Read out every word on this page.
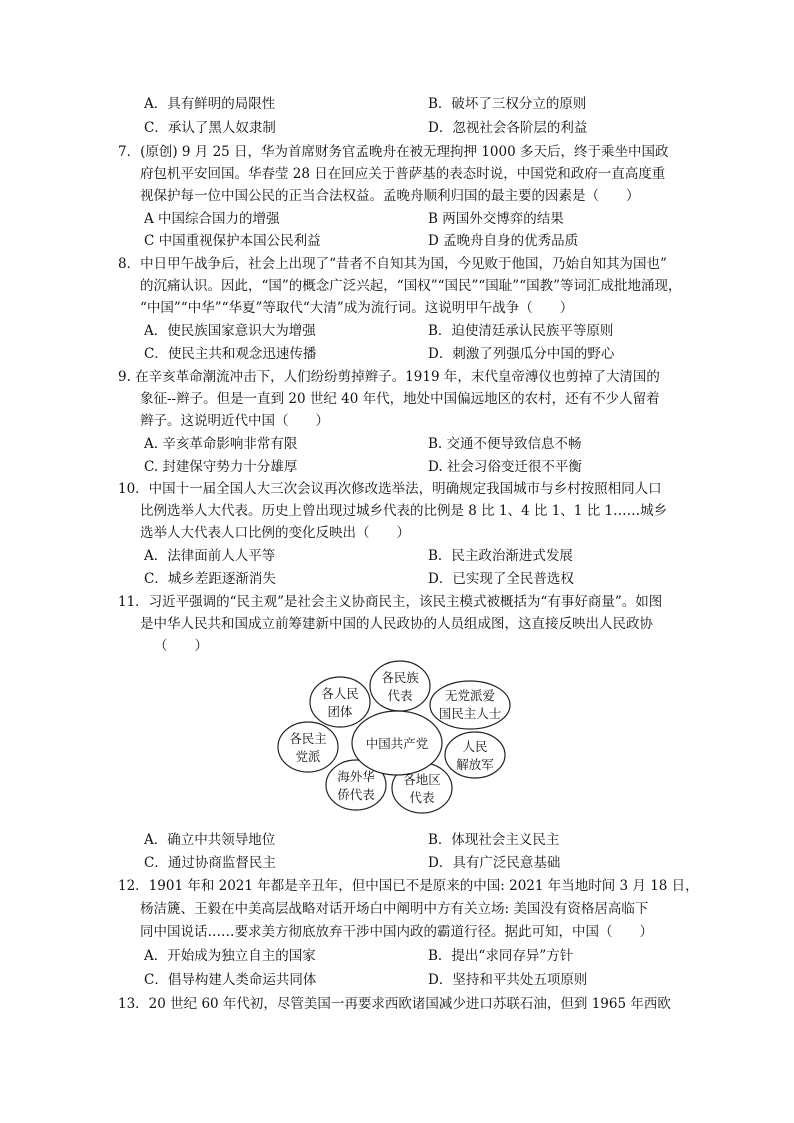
A．具有鲜明的局限性	B．破坏了三权分立的原则
C．承认了黑人奴隶制	D．忽视社会各阶层的利益
7．(原创) 9 月 25 日，华为首席财务官孟晚舟在被无理拘押 1000 多天后，终于乘坐中国政
府包机平安回国。华春莹 28 日在回应关于普萨基的表态时说，中国党和政府一直高度重
视保护每一位中国公民的正当合法权益。孟晚舟顺利归国的最主要的因素是（　　）
A 中国综合国力的增强	B 两国外交博弈的结果
C 中国重视保护本国公民利益	D 孟晚舟自身的优秀品质
8．中日甲午战争后，社会上出现了“昔者不自知其为国，今见败于他国，乃始自知其为国也”
的沉痛认识。因此，“国”的概念广泛兴起，“国权”“国民”“国耻”“国教”等词汇成批地涌现，
“中国”“中华”“华夏”等取代“大清”成为流行词。这说明甲午战争（　　）
A．使民族国家意识大为增强	B．迫使清廷承认民族平等原则
C．使民主共和观念迅速传播	D．刺激了列强瓜分中国的野心
9. 在辛亥革命潮流冲击下，人们纷纷剪掉辫子。1919 年，末代皇帝溥仪也剪掉了大清国的
象征--辫子。但是一直到 20 世纪 40 年代，地处中国偏远地区的农村，还有不少人留着
辫子。这说明近代中国（　　）
A. 辛亥革命影响非常有限	B. 交通不便导致信息不畅
C. 封建保守势力十分雄厚	D. 社会习俗变迁很不平衡
10．中国十一届全国人大三次会议再次修改选举法，明确规定我国城市与乡村按照相同人口
比例选举人大代表。历史上曾出现过城乡代表的比例是 8 比 1、4 比 1、1 比 1……城乡
选举人大代表人口比例的变化反映出（　　）
A．法律面前人人平等	B．民主政治渐进式发展
C．城乡差距逐渐消失	D．已实现了全民普选权
11．习近平强调的“民主观”是社会主义协商民主，该民主模式被概括为“有事好商量”。如图
是中华人民共和国成立前筹建新中国的人民政协的人员组成图，这直接反映出人民政协
（　　）
中国共产党
各人民
团体
各民族
代表	无党派爱
国民主人士
各民主
党派
人民
解放军
海外华
侨代表
各地区
代表
A．确立中共领导地位	B．体现社会主义民主
C．通过协商监督民主	D．具有广泛民意基础
12．1901 年和 2021 年都是辛丑年，但中国已不是原来的中国: 2021 年当地时间 3 月 18 日，
杨洁篪、王毅在中美高层战略对话开场白中阐明中方有关立场: 美国没有资格居高临下
同中国说话……要求美方彻底放弃干涉中国内政的霸道行径。据此可知，中国（　　）
A．开始成为独立自主的国家	B．提出“求同存异”方针
C．倡导构建人类命运共同体	D．坚持和平共处五项原则
13．20 世纪 60 年代初，尽管美国一再要求西欧诸国减少进口苏联石油，但到 1965 年西欧
